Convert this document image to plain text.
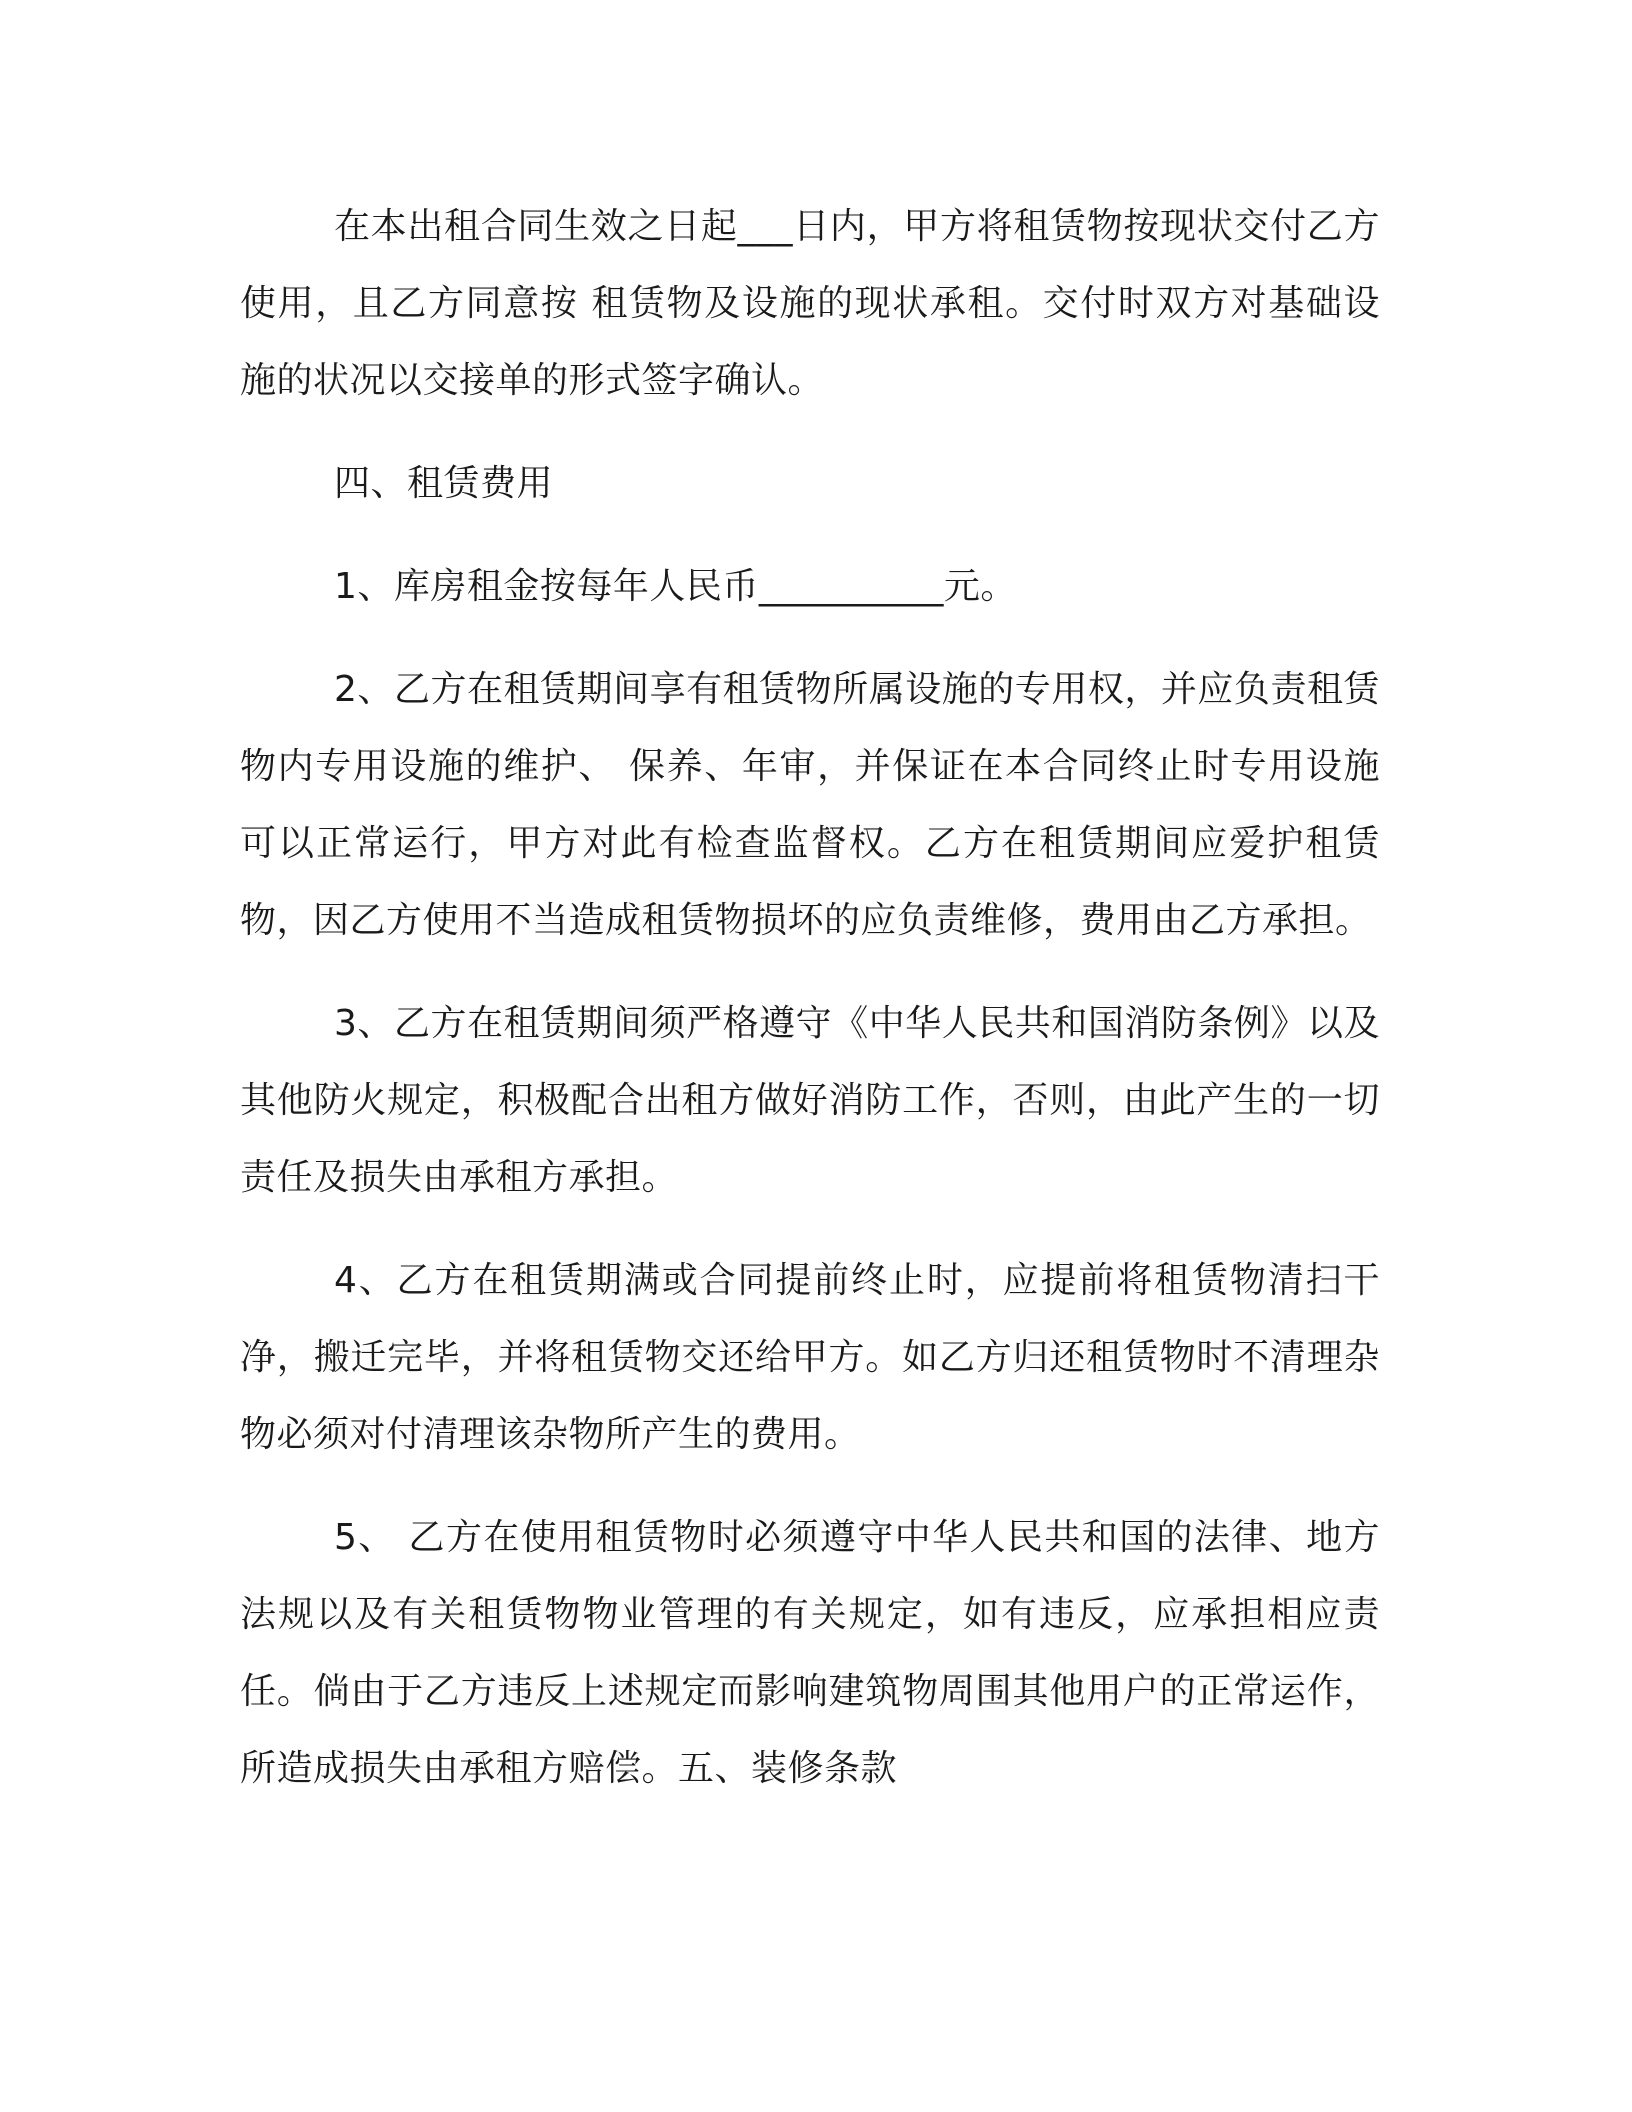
在本出租合同生效之日起___日内，甲方将租赁物按现状交付乙方使用，且乙方同意按 租赁物及设施的现状承租。交付时双方对基础设施的状况以交接单的形式签字确认。

四、租赁费用

1、库房租金按每年人民币__________元。

2、乙方在租赁期间享有租赁物所属设施的专用权，并应负责租赁物内专用设施的维护、 保养、年审，并保证在本合同终止时专用设施可以正常运行，甲方对此有检查监督权。乙方在租赁期间应爱护租赁物，因乙方使用不当造成租赁物损坏的应负责维修，费用由乙方承担。

3、乙方在租赁期间须严格遵守《中华人民共和国消防条例》以及其他防火规定，积极配合出租方做好消防工作，否则，由此产生的一切责任及损失由承租方承担。

4、乙方在租赁期满或合同提前终止时，应提前将租赁物清扫干净，搬迁完毕，并将租赁物交还给甲方。如乙方归还租赁物时不清理杂物必须对付清理该杂物所产生的费用。

5、 乙方在使用租赁物时必须遵守中华人民共和国的法律、地方法规以及有关租赁物物业管理的有关规定，如有违反，应承担相应责任。倘由于乙方违反上述规定而影响建筑物周围其他用户的正常运作，所造成损失由承租方赔偿。五、装修条款
